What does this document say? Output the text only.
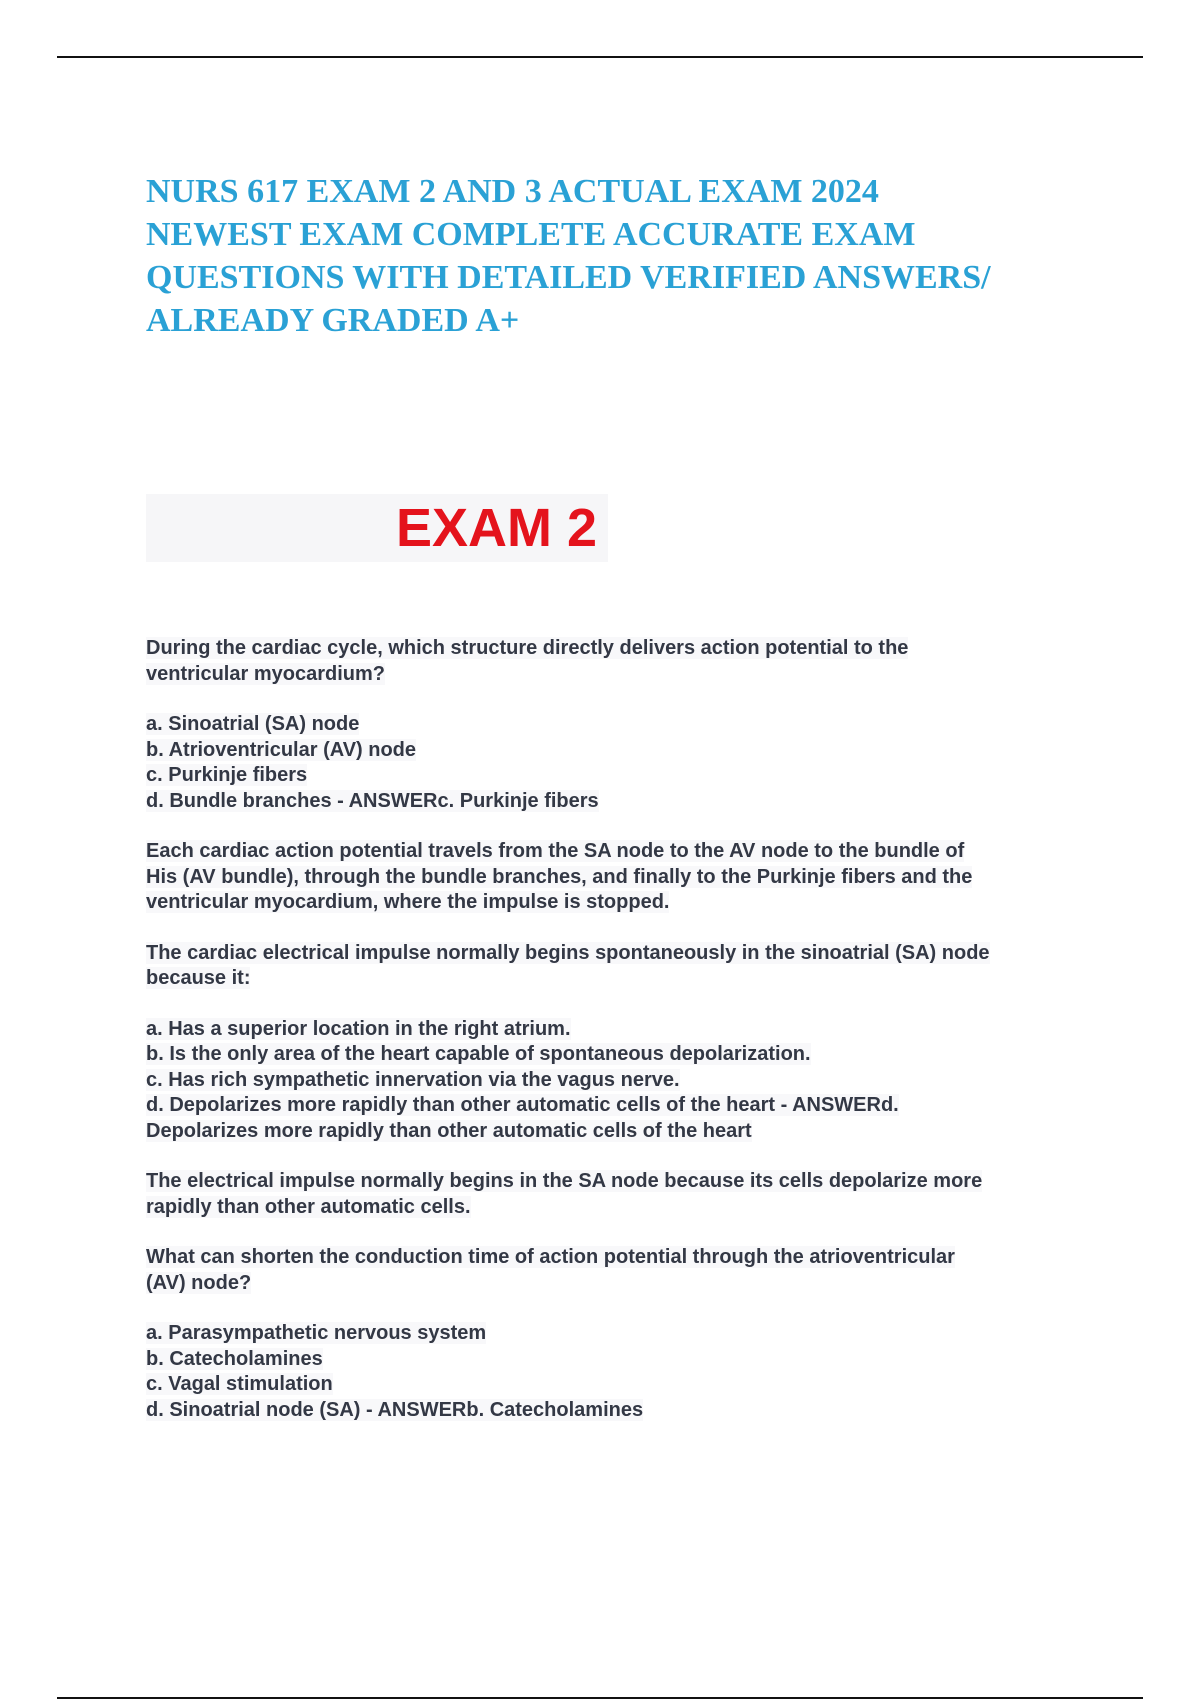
NURS 617 EXAM 2 AND 3 ACTUAL EXAM 2024
NEWEST EXAM COMPLETE ACCURATE EXAM
QUESTIONS WITH DETAILED VERIFIED ANSWERS/
ALREADY GRADED A+
EXAM 2
During the cardiac cycle, which structure directly delivers action potential to the
ventricular myocardium?
a. Sinoatrial (SA) node
b. Atrioventricular (AV) node
c. Purkinje fibers
d. Bundle branches - ANSWERc. Purkinje fibers
Each cardiac action potential travels from the SA node to the AV node to the bundle of
His (AV bundle), through the bundle branches, and finally to the Purkinje fibers and the
ventricular myocardium, where the impulse is stopped.
The cardiac electrical impulse normally begins spontaneously in the sinoatrial (SA) node
because it:
a. Has a superior location in the right atrium.
b. Is the only area of the heart capable of spontaneous depolarization.
c. Has rich sympathetic innervation via the vagus nerve.
d. Depolarizes more rapidly than other automatic cells of the heart - ANSWERd.
Depolarizes more rapidly than other automatic cells of the heart
The electrical impulse normally begins in the SA node because its cells depolarize more
rapidly than other automatic cells.
What can shorten the conduction time of action potential through the atrioventricular
(AV) node?
a. Parasympathetic nervous system
b. Catecholamines
c. Vagal stimulation
d. Sinoatrial node (SA) - ANSWERb. Catecholamines
